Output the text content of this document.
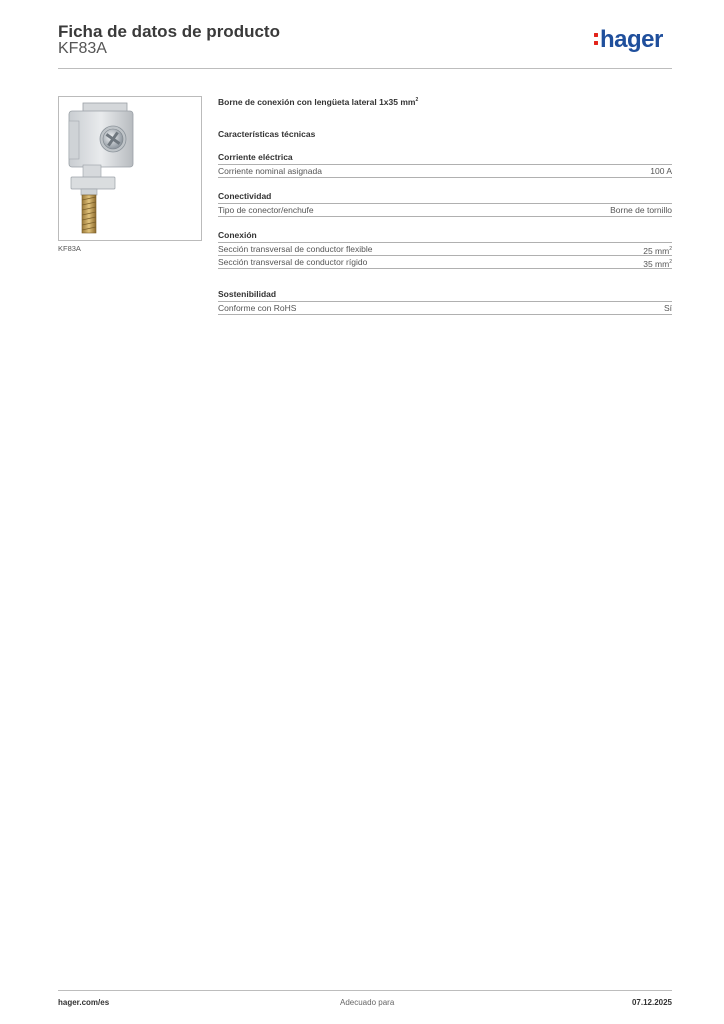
Ficha de datos de producto
KF83A	hager
KF83A
Borne de conexión con lengüeta lateral 1x35 $mm^2$
Características técnicas
Corriente eléctrica
Corriente nominal asignada	100 A
Conectividad
Tipo de conector/enchufe	Borne de tornillo
Conexión
Sección transversal de conductor flexible	25 $mm^2$
Sección transversal de conductor rígido	35 $mm^2$
Sostenibilidad
Conforme con RoHS	Sí
hager.com/es	Adecuado para	07.12.2025
